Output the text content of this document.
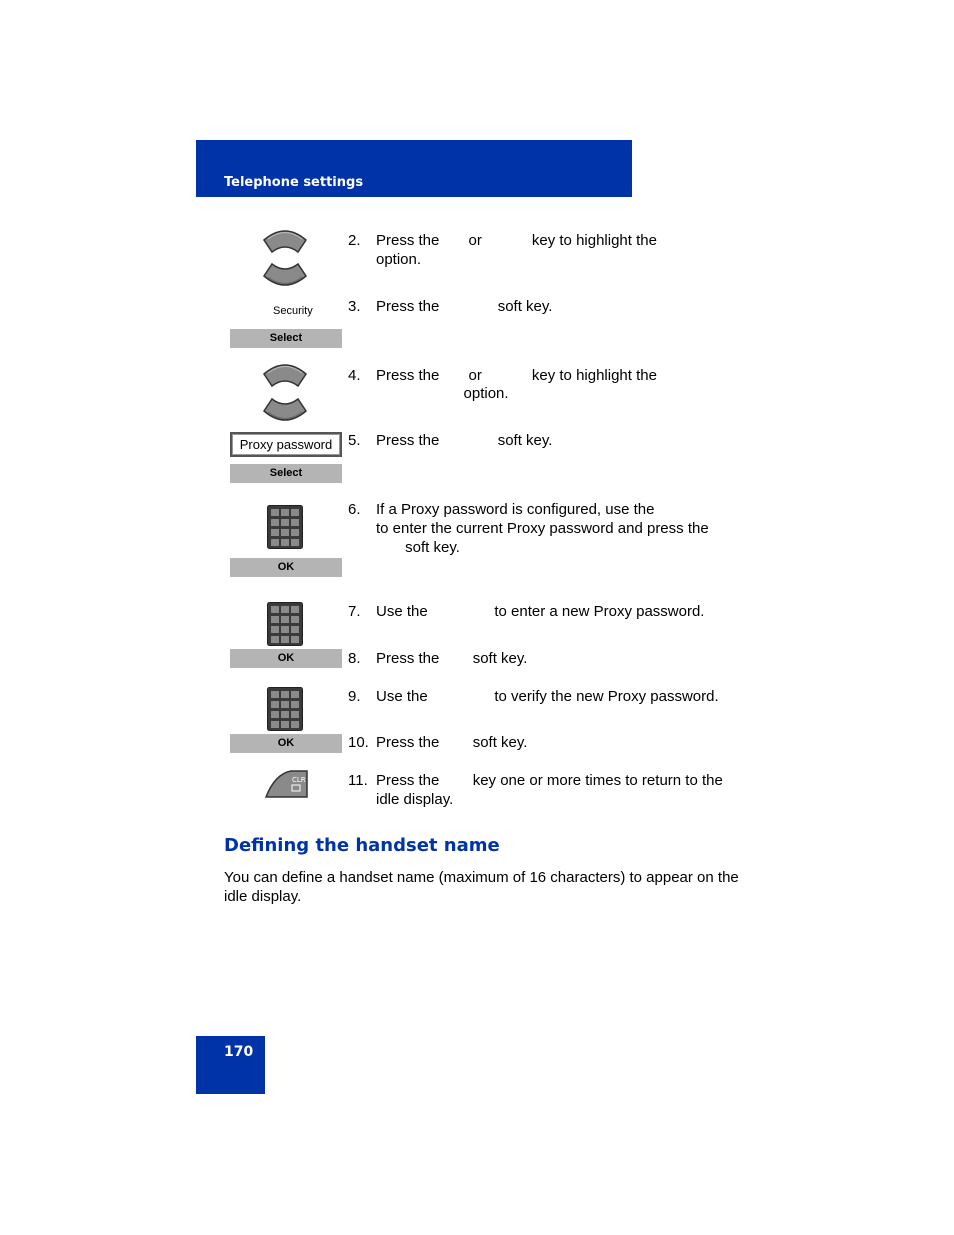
Telephone settings
Security
Select
Proxy password
Select
OK
OK
OK
CLR
2. Press the       or            key to highlight the
option.
3. Press the              soft key.
4. Press the       or            key to highlight the
option.
5. Press the              soft key.
6. If a Proxy password is configured, use the
to enter the current Proxy password and press the
soft key.
7. Use the                to enter a new Proxy password.
8. Press the        soft key.
9. Use the                to verify the new Proxy password.
10. Press the        soft key.
11. Press the        key one or more times to return to the
idle display.
Defining the handset name
You can define a handset name (maximum of 16 characters) to appear on the idle display.
170
